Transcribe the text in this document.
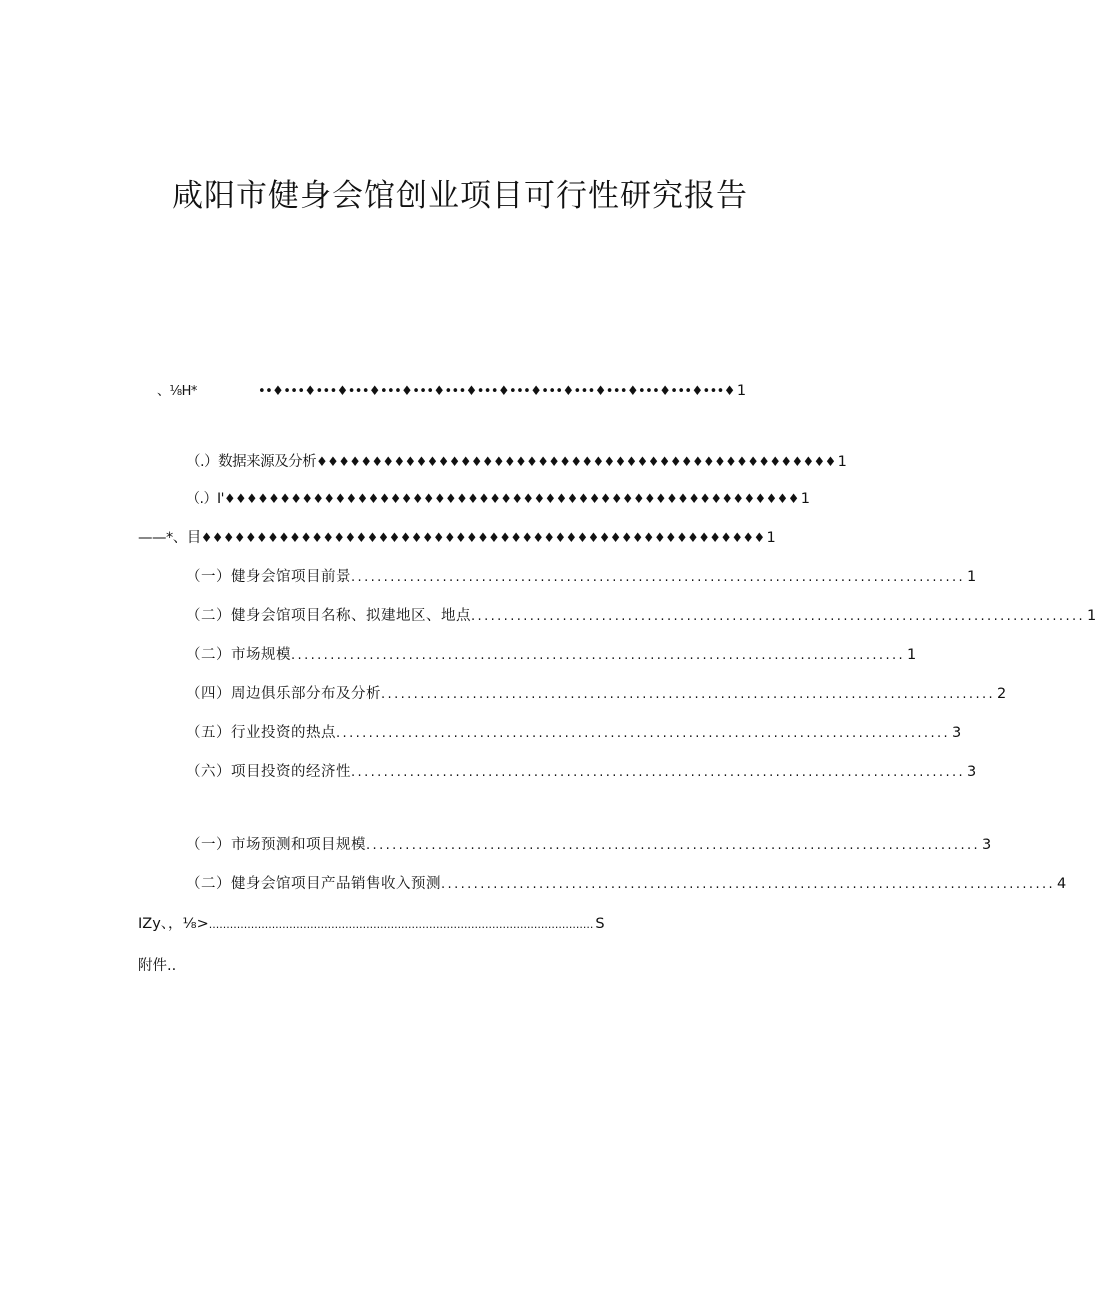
咸阳市健身会馆创业项目可行性研究报告
、⅛H*	••♦•••♦•••♦•••♦•••♦•••♦•••♦•••♦•••♦•••♦•••♦•••♦•••♦•••♦•••♦ 1
（.）数据来源及分析 ♦♦♦♦♦♦♦♦♦♦♦♦♦♦♦♦♦♦♦♦♦♦♦♦♦♦♦♦♦♦♦♦♦♦♦♦♦♦♦♦♦♦♦♦♦♦♦ 1
（.）I' ♦♦♦♦♦♦♦♦♦♦♦♦♦♦♦♦♦♦♦♦♦♦♦♦♦♦♦♦♦♦♦♦♦♦♦♦♦♦♦♦♦♦♦♦♦♦♦♦♦♦♦♦ 1
——*、目 ♦♦♦♦♦♦♦♦♦♦♦♦♦♦♦♦♦♦♦♦♦♦♦♦♦♦♦♦♦♦♦♦♦♦♦♦♦♦♦♦♦♦♦♦♦♦♦♦♦♦♦ 1
（一）健身会馆项目前景 .............................................................................................. 1
（二）健身会馆项目名称、拟建地区、地点 .............................................................................................. 1
（二）市场规模 .............................................................................................. 1
（四）周边俱乐部分布及分析 .............................................................................................. 2
（五）行业投资的热点 .............................................................................................. 3
（六）项目投资的经济性 .............................................................................................. 3
（一）市场预测和项目规模 .............................................................................................. 3
（二）健身会馆项目产品销售收入预测 .............................................................................................. 4
IZy、，⅛> .............................................................................................................. S
附件..
